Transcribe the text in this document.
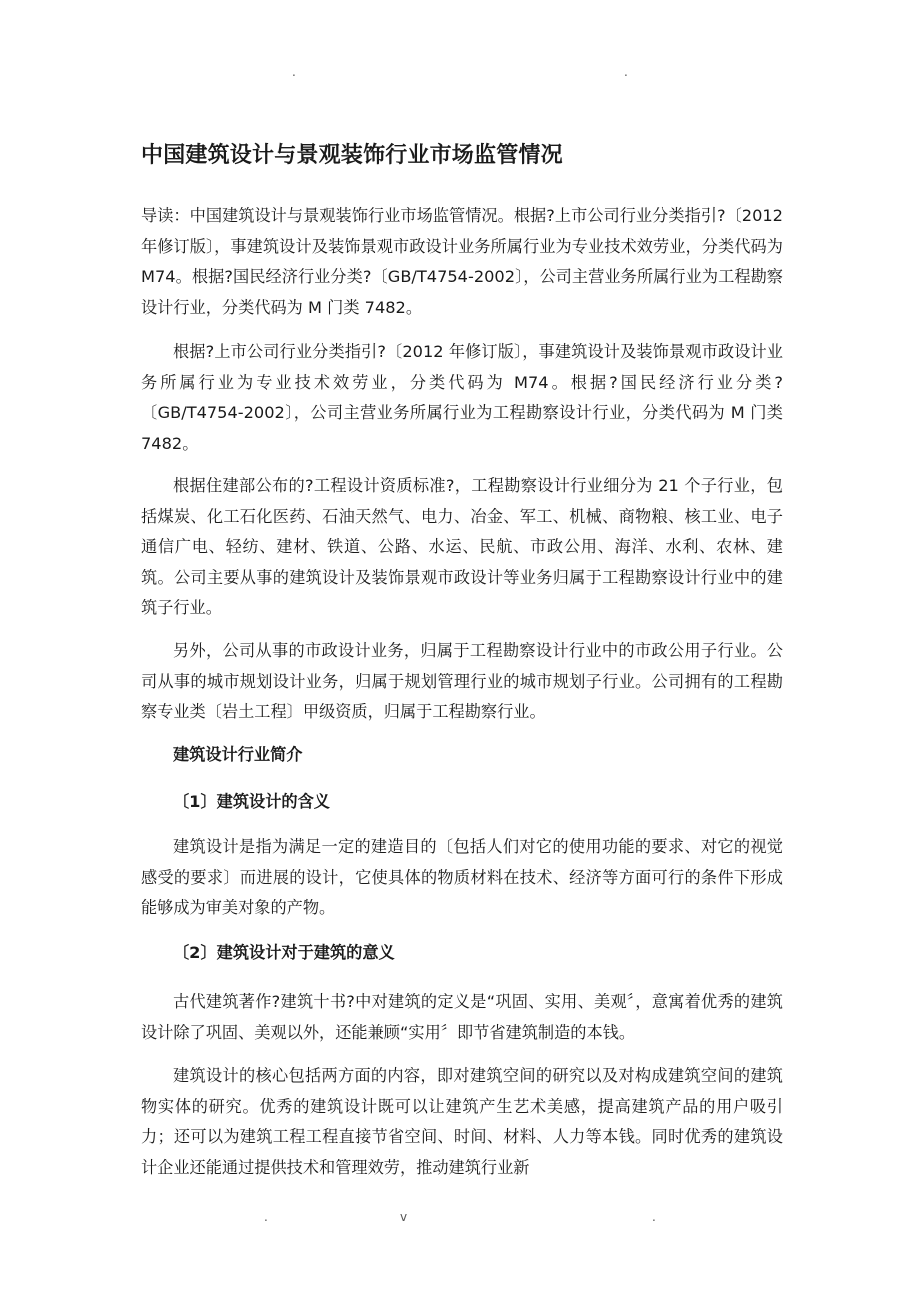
.	.
中国建筑设计与景观装饰行业市场监管情况

导读：中国建筑设计与景观装饰行业市场监管情况。根据?上市公司行业分类指引?〔2012 年修订版〕，事建筑设计及装饰景观市政设计业务所属行业为专业技术效劳业，分类代码为 M74。根据?国民经济行业分类?〔GB/T4754-2002〕，公司主营业务所属行业为工程勘察设计行业，分类代码为 M 门类 7482。

根据?上市公司行业分类指引?〔2012 年修订版〕，事建筑设计及装饰景观市政设计业务所属行业为专业技术效劳业，分类代码为 M74。根据?国民经济行业分类?〔GB/T4754-2002〕，公司主营业务所属行业为工程勘察设计行业，分类代码为 M 门类 7482。

根据住建部公布的?工程设计资质标准?，工程勘察设计行业细分为 21 个子行业，包括煤炭、化工石化医药、石油天然气、电力、冶金、军工、机械、商物粮、核工业、电子通信广电、轻纺、建材、铁道、公路、水运、民航、市政公用、海洋、水利、农林、建筑。公司主要从事的建筑设计及装饰景观市政设计等业务归属于工程勘察设计行业中的建筑子行业。

另外，公司从事的市政设计业务，归属于工程勘察设计行业中的市政公用子行业。公司从事的城市规划设计业务，归属于规划管理行业的城市规划子行业。公司拥有的工程勘察专业类〔岩土工程〕甲级资质，归属于工程勘察行业。

建筑设计行业简介
〔1〕建筑设计的含义

建筑设计是指为满足一定的建造目的〔包括人们对它的使用功能的要求、对它的视觉感受的要求〕而进展的设计，它使具体的物质材料在技术、经济等方面可行的条件下形成能够成为审美对象的产物。

〔2〕建筑设计对于建筑的意义

古代建筑著作?建筑十书?中对建筑的定义是“巩固、实用、美观〞，意寓着优秀的建筑设计除了巩固、美观以外，还能兼顾“实用〞即节省建筑制造的本钱。

建筑设计的核心包括两方面的内容，即对建筑空间的研究以及对构成建筑空间的建筑物实体的研究。优秀的建筑设计既可以让建筑产生艺术美感，提高建筑产品的用户吸引力；还可以为建筑工程工程直接节省空间、时间、材料、人力等本钱。同时优秀的建筑设计企业还能通过提供技术和管理效劳，推动建筑行业新

.	v	.
